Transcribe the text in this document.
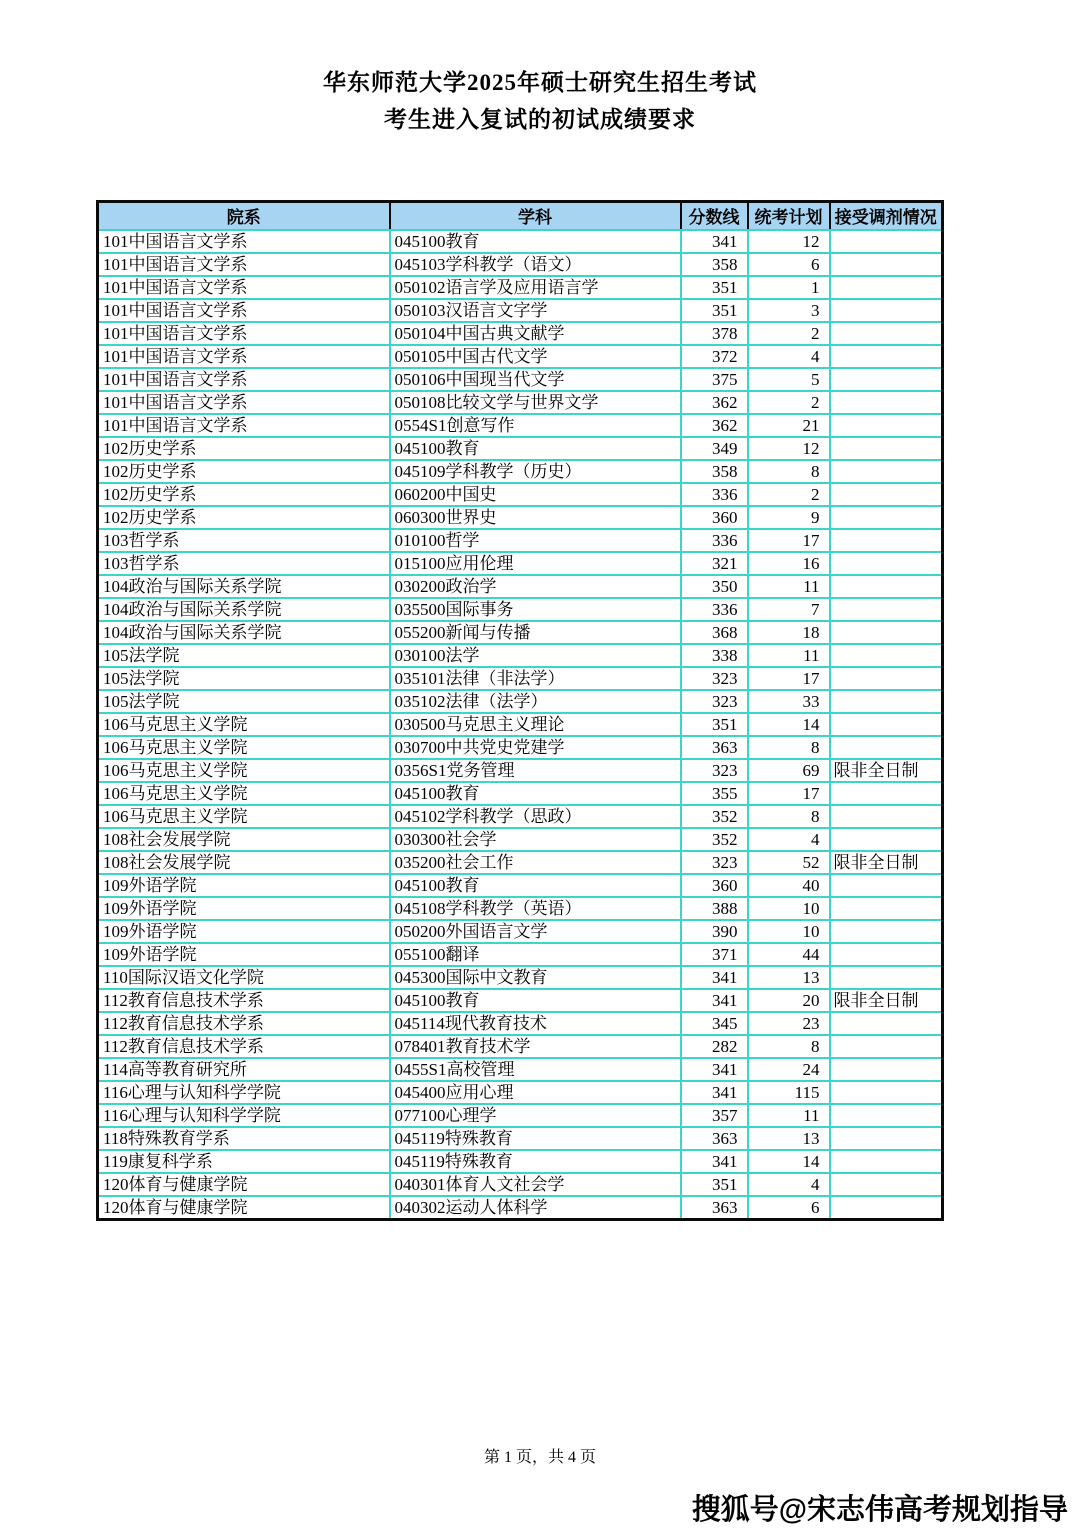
华东师范大学2025年硕士研究生招生考试
考生进入复试的初试成绩要求
院系	学科	分数线	统考计划	接受调剂情况
101中国语言文学系	045100教育	341	12	
101中国语言文学系	045103学科教学（语文）	358	6	
101中国语言文学系	050102语言学及应用语言学	351	1	
101中国语言文学系	050103汉语言文字学	351	3	
101中国语言文学系	050104中国古典文献学	378	2	
101中国语言文学系	050105中国古代文学	372	4	
101中国语言文学系	050106中国现当代文学	375	5	
101中国语言文学系	050108比较文学与世界文学	362	2	
101中国语言文学系	0554S1创意写作	362	21	
102历史学系	045100教育	349	12	
102历史学系	045109学科教学（历史）	358	8	
102历史学系	060200中国史	336	2	
102历史学系	060300世界史	360	9	
103哲学系	010100哲学	336	17	
103哲学系	015100应用伦理	321	16	
104政治与国际关系学院	030200政治学	350	11	
104政治与国际关系学院	035500国际事务	336	7	
104政治与国际关系学院	055200新闻与传播	368	18	
105法学院	030100法学	338	11	
105法学院	035101法律（非法学）	323	17	
105法学院	035102法律（法学）	323	33	
106马克思主义学院	030500马克思主义理论	351	14	
106马克思主义学院	030700中共党史党建学	363	8	
106马克思主义学院	0356S1党务管理	323	69	限非全日制
106马克思主义学院	045100教育	355	17	
106马克思主义学院	045102学科教学（思政）	352	8	
108社会发展学院	030300社会学	352	4	
108社会发展学院	035200社会工作	323	52	限非全日制
109外语学院	045100教育	360	40	
109外语学院	045108学科教学（英语）	388	10	
109外语学院	050200外国语言文学	390	10	
109外语学院	055100翻译	371	44	
110国际汉语文化学院	045300国际中文教育	341	13	
112教育信息技术学系	045100教育	341	20	限非全日制
112教育信息技术学系	045114现代教育技术	345	23	
112教育信息技术学系	078401教育技术学	282	8	
114高等教育研究所	0455S1高校管理	341	24	
116心理与认知科学学院	045400应用心理	341	115	
116心理与认知科学学院	077100心理学	357	11	
118特殊教育学系	045119特殊教育	363	13	
119康复科学系	045119特殊教育	341	14	
120体育与健康学院	040301体育人文社会学	351	4	
120体育与健康学院	040302运动人体科学	363	6	
第 1 页，共 4 页
搜狐号@宋志伟高考规划指导
